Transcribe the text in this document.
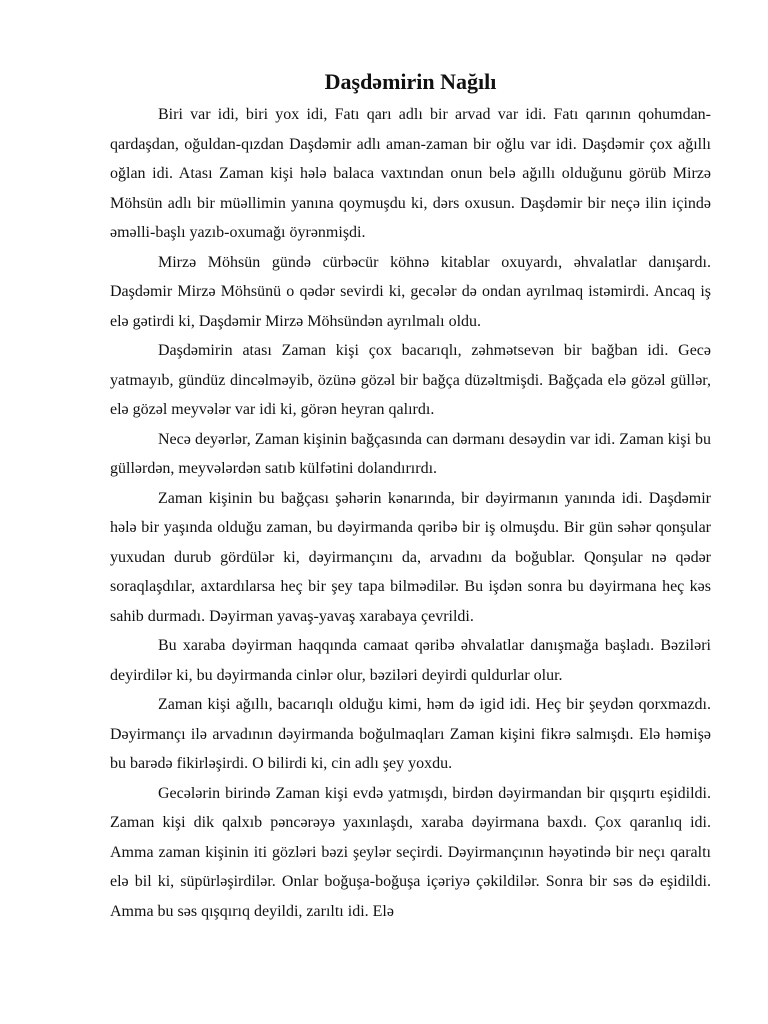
Daşdəmirin Nağılı

Biri var idi, biri yox idi, Fatı qarı adlı bir arvad var idi. Fatı qarının qohumdan-qardaşdan, oğuldan-qızdan Daşdəmir adlı aman-zaman bir oğlu var idi. Daşdəmir çox ağıllı oğlan idi. Atası Zaman kişi hələ balaca vaxtından onun belə ağıllı olduğunu görüb Mirzə Möhsün adlı bir müəllimin yanına qoymuşdu ki, dərs oxusun. Daşdəmir bir neçə ilin içində əməlli-başlı yazıb-oxumağı öyrənmişdi.

Mirzə Möhsün gündə cürbəcür köhnə kitablar oxuyardı, əhvalatlar danışardı. Daşdəmir Mirzə Möhsünü o qədər sevirdi ki, gecələr də ondan ayrılmaq istəmirdi. Ancaq iş elə gətirdi ki, Daşdəmir Mirzə Möhsündən ayrılmalı oldu.

Daşdəmirin atası Zaman kişi çox bacarıqlı, zəhmətsevən bir bağban idi. Gecə yatmayıb, gündüz dincəlməyib, özünə gözəl bir bağça düzəltmişdi. Bağçada elə gözəl güllər, elə gözəl meyvələr var idi ki, görən heyran qalırdı.

Necə deyərlər, Zaman kişinin bağçasında can dərmanı desəydin var idi. Zaman kişi bu güllərdən, meyvələrdən satıb külfətini dolandırırdı.

Zaman kişinin bu bağçası şəhərin kənarında, bir dəyirmanın yanında idi. Daşdəmir hələ bir yaşında olduğu zaman, bu dəyirmanda qəribə bir iş olmuşdu. Bir gün səhər qonşular yuxudan durub gördülər ki, dəyirmançını da, arvadını da boğublar. Qonşular nə qədər soraqlaşdılar, axtardılarsa heç bir şey tapa bilmədilər. Bu işdən sonra bu dəyirmana heç kəs sahib durmadı. Dəyirman yavaş-yavaş xarabaya çevrildi.

Bu xaraba dəyirman haqqında camaat qəribə əhvalatlar danışmağa başladı. Bəziləri deyirdilər ki, bu dəyirmanda cinlər olur, bəziləri deyirdi quldurlar olur.

Zaman kişi ağıllı, bacarıqlı olduğu kimi, həm də igid idi. Heç bir şeydən qorxmazdı. Dəyirmançı ilə arvadının dəyirmanda boğulmaqları Zaman kişini fikrə salmışdı. Elə həmişə bu barədə fikirləşirdi. O bilirdi ki, cin adlı şey yoxdu.

Gecələrin birində Zaman kişi evdə yatmışdı, birdən dəyirmandan bir qışqırtı eşidildi. Zaman kişi dik qalxıb pəncərəyə yaxınlaşdı, xaraba dəyirmana baxdı. Çox qaranlıq idi. Amma zaman kişinin iti gözləri bəzi şeylər seçirdi. Dəyirmançının həyətində bir neçı qaraltı elə bil ki, süpürləşirdilər. Onlar boğuşa-boğuşa içəriyə çəkildilər. Sonra bir səs də eşidildi. Amma bu səs qışqırıq deyildi, zarıltı idi. Elə
